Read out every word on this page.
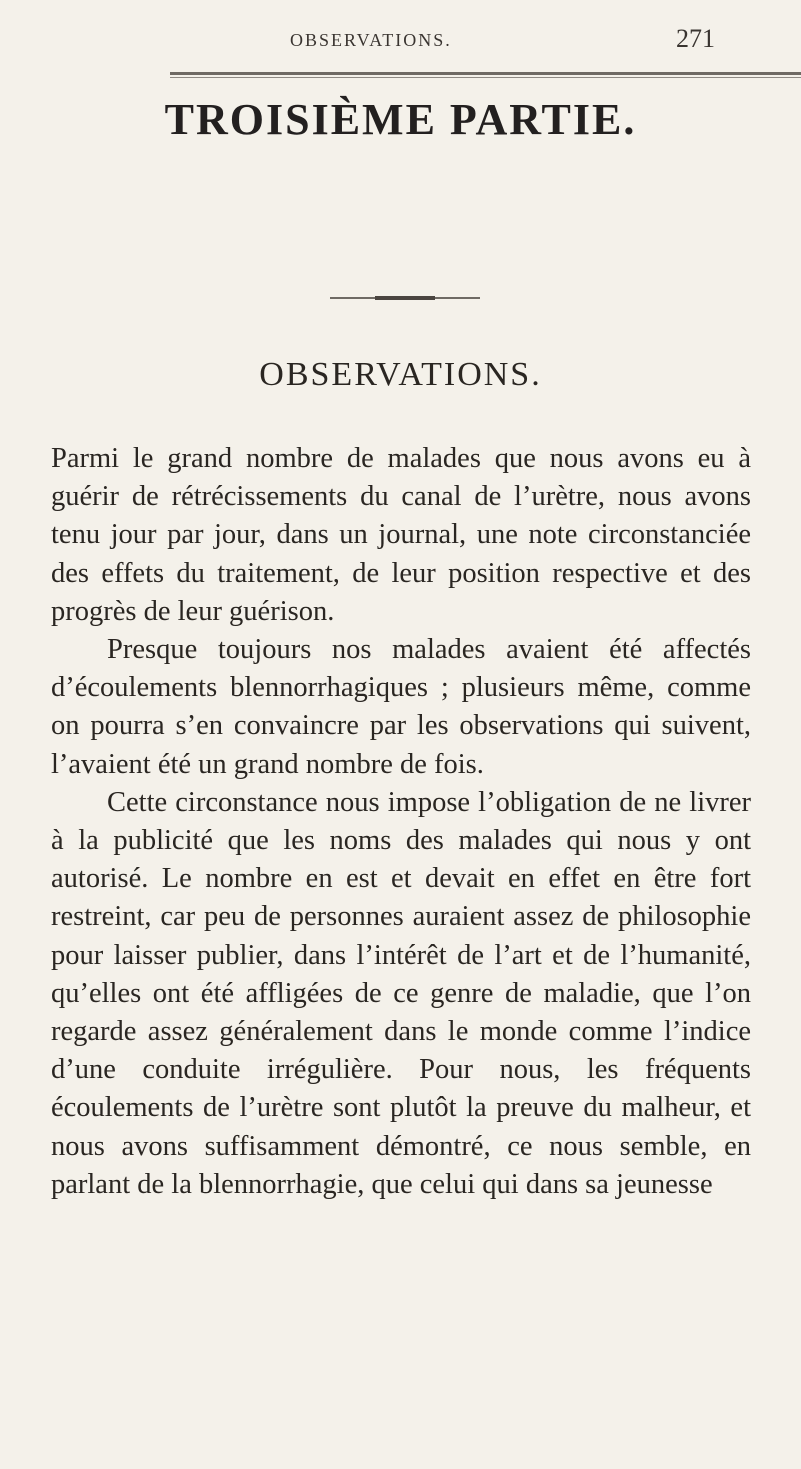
OBSERVATIONS.	271
TROISIÈME PARTIE.
OBSERVATIONS.

Parmi le grand nombre de malades que nous avons eu à guérir de rétrécissements du canal de l’urètre, nous avons tenu jour par jour, dans un journal, une note circonstanciée des effets du traitement, de leur position respective et des progrès de leur guérison.

Presque toujours nos malades avaient été affectés d’écoulements blennorrhagiques ; plusieurs même, comme on pourra s’en convaincre par les observations qui suivent, l’avaient été un grand nombre de fois.

Cette circonstance nous impose l’obligation de ne livrer à la publicité que les noms des malades qui nous y ont autorisé. Le nombre en est et devait en effet en être fort restreint, car peu de personnes auraient assez de philosophie pour laisser publier, dans l’intérêt de l’art et de l’humanité, qu’elles ont été affligées de ce genre de maladie, que l’on regarde assez généralement dans le monde comme l’indice d’une conduite irrégulière. Pour nous, les fréquents écoulements de l’urètre sont plutôt la preuve du malheur, et nous avons suffisamment démontré, ce nous semble, en parlant de la blennorrhagie, que celui qui dans sa jeunesse
